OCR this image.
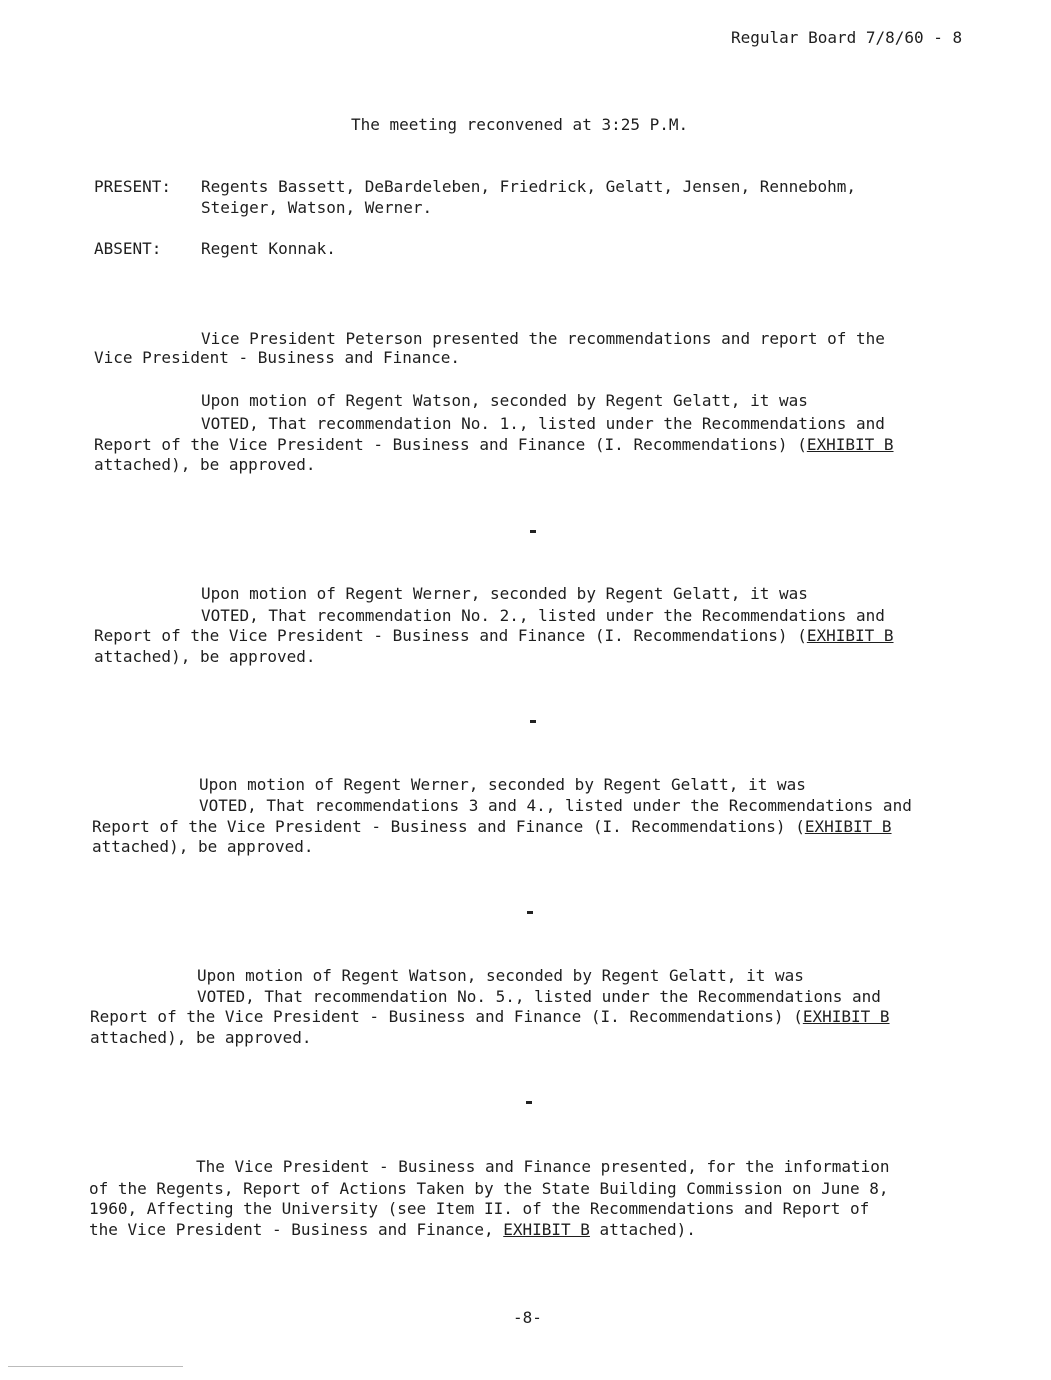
Regular Board 7/8/60 - 8
The meeting reconvened at 3:25 P.M.
PRESENT: Regents Bassett, DeBardeleben, Friedrick, Gelatt, Jensen, Rennebohm,
Steiger, Watson, Werner.
ABSENT: Regent Konnak.
Vice President Peterson presented the recommendations and report of the
Vice President - Business and Finance.
Upon motion of Regent Watson, seconded by Regent Gelatt, it was
VOTED, That recommendation No. 1., listed under the Recommendations and
Report of the Vice President - Business and Finance (I. Recommendations) (EXHIBIT B
attached), be approved.
Upon motion of Regent Werner, seconded by Regent Gelatt, it was
VOTED, That recommendation No. 2., listed under the Recommendations and
Report of the Vice President - Business and Finance (I. Recommendations) (EXHIBIT B
attached), be approved.
Upon motion of Regent Werner, seconded by Regent Gelatt, it was
VOTED, That recommendations 3 and 4., listed under the Recommendations and
Report of the Vice President - Business and Finance (I. Recommendations) (EXHIBIT B
attached), be approved.
Upon motion of Regent Watson, seconded by Regent Gelatt, it was
VOTED, That recommendation No. 5., listed under the Recommendations and
Report of the Vice President - Business and Finance (I. Recommendations) (EXHIBIT B
attached), be approved.
The Vice President - Business and Finance presented, for the information
of the Regents, Report of Actions Taken by the State Building Commission on June 8,
1960, Affecting the University (see Item II. of the Recommendations and Report of
the Vice President - Business and Finance, EXHIBIT B attached).
-8-
